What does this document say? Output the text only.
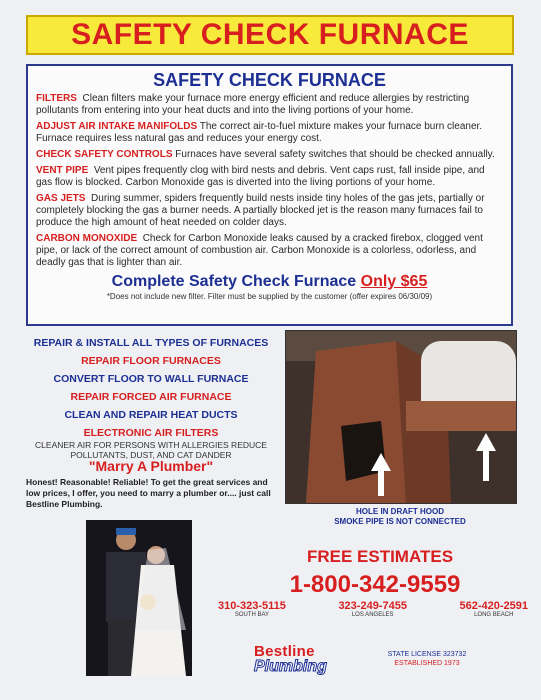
SAFETY CHECK FURNACE
SAFETY CHECK FURNACE

FILTERS Clean filters make your furnace more energy efficient and reduce allergies by restricting pollutants from entering into your heat ducts and into the living portions of your home.

ADJUST AIR INTAKE MANIFOLDS The correct air-to-fuel mixture makes your furnace burn cleaner. Furnace requires less natural gas and reduces your energy cost.

CHECK SAFETY CONTROLS Furnaces have several safety switches that should be checked annually.

VENT PIPE Vent pipes frequently clog with bird nests and debris. Vent caps rust, fall inside pipe, and gas flow is blocked. Carbon Monoxide gas is diverted into the living portions of your home.

GAS JETS During summer, spiders frequently build nests inside tiny holes of the gas jets, partially or completely blocking the gas a burner needs. A partially blocked jet is the reason many furnaces fail to produce the high amount of heat needed on colder days.

CARBON MONOXIDE Check for Carbon Monoxide leaks caused by a cracked firebox, clogged vent pipe, or lack of the correct amount of combustion air. Carbon Monoxide is a colorless, odorless, and deadly gas that is lighter than air.

Complete Safety Check Furnace Only $65
*Does not include new filter. Filter must be supplied by the customer (offer expires 06/30/09)
REPAIR & INSTALL ALL TYPES OF FURNACES
REPAIR FLOOR FURNACES
CONVERT FLOOR TO WALL FURNACE
REPAIR FORCED AIR FURNACE
CLEAN AND REPAIR HEAT DUCTS
ELECTRONIC AIR FILTERS
CLEANER AIR FOR PERSONS WITH ALLERGIES REDUCE POLLUTANTS, DUST, AND CAT DANDER
"Marry A Plumber"
Honest! Reasonable! Reliable! To get the great services and low prices, I offer, you need to marry a plumber or.... just call Bestline Plumbing.
HOLE IN DRAFT HOOD
SMOKE PIPE IS NOT CONNECTED
FREE ESTIMATES
1-800-342-9559
310-323-5115
SOUTH BAY
323-249-7455
LOS ANGELES
562-420-2591
LONG BEACH
Bestline
Plumbing
STATE LICENSE 323732
ESTABLISHED 1973
